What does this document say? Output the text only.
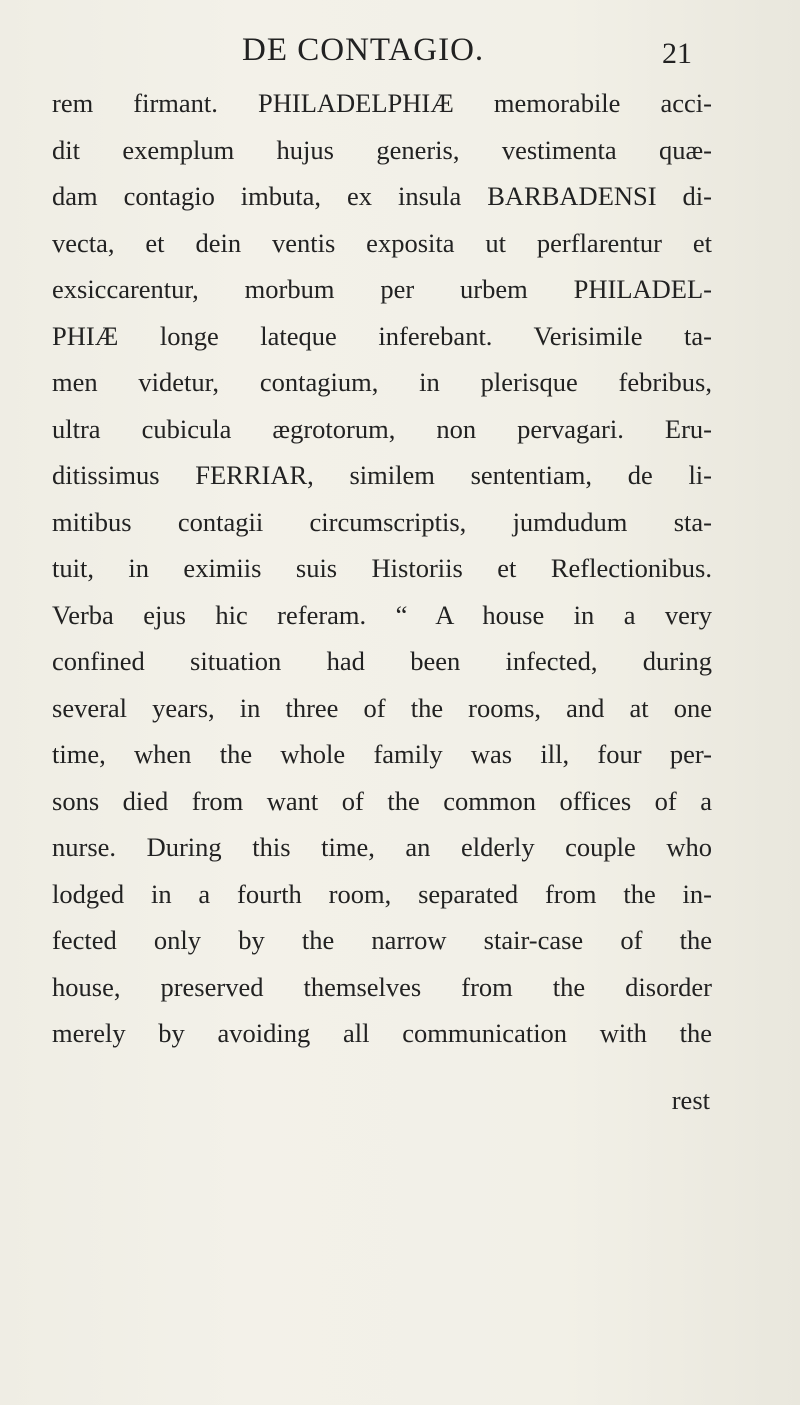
DE CONTAGIO.	21
rem firmant. PHILADELPHIÆ memorabile acci-
dit exemplum hujus generis, vestimenta quæ-
dam contagio imbuta, ex insula BARBADENSI di-
vecta, et dein ventis exposita ut perflarentur et
exsiccarentur, morbum per urbem PHILADEL-
PHIÆ longe lateque inferebant. Verisimile ta-
men videtur, contagium, in plerisque febribus,
ultra cubicula ægrotorum, non pervagari. Eru-
ditissimus FERRIAR, similem sententiam, de li-
mitibus contagii circumscriptis, jumdudum sta-
tuit, in eximiis suis Historiis et Reflectionibus.
Verba ejus hic referam. “ A house in a very
confined situation had been infected, during
several years, in three of the rooms, and at one
time, when the whole family was ill, four per-
sons died from want of the common offices of a
nurse. During this time, an elderly couple who
lodged in a fourth room, separated from the in-
fected only by the narrow stair-case of the
house, preserved themselves from the disorder
merely by avoiding all communication with the
rest
